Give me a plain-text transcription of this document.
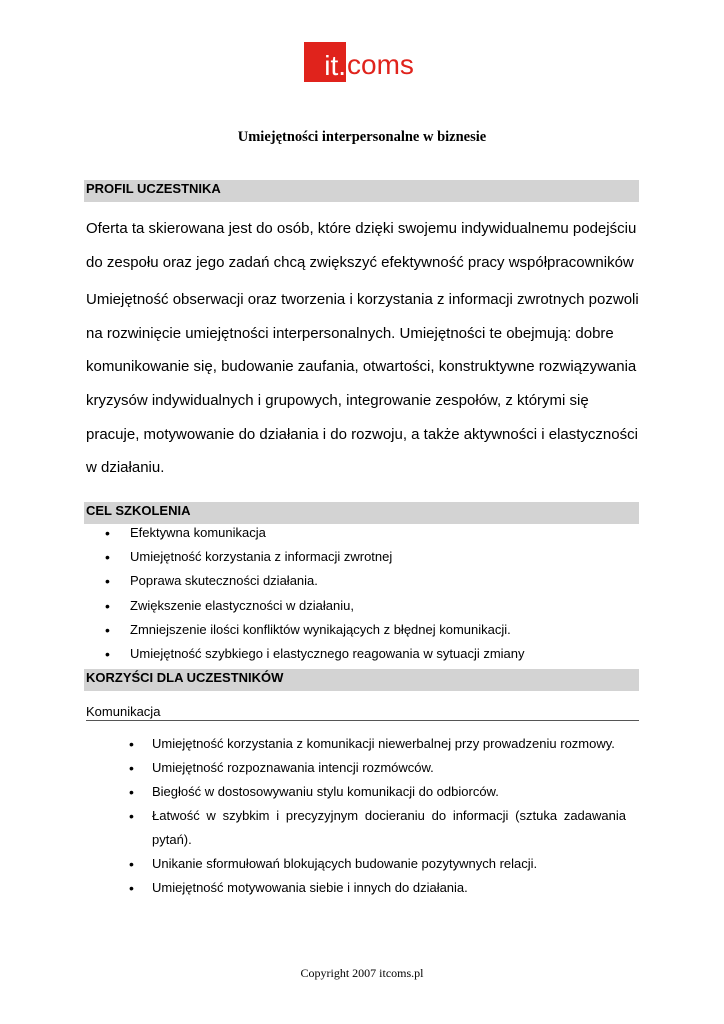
it . coms
Umiejętności interpersonalne w biznesie
PROFIL UCZESTNIKA

Oferta ta skierowana jest do osób, które dzięki swojemu indywidualnemu podejściu do zespołu oraz jego zadań chcą zwiększyć efektywność pracy współpracowników

Umiejętność obserwacji oraz tworzenia i korzystania z informacji zwrotnych pozwoli na rozwinięcie umiejętności interpersonalnych. Umiejętności te obejmują: dobre komunikowanie się, budowanie zaufania, otwartości, konstruktywne rozwiązywania kryzysów indywidualnych i grupowych, integrowanie zespołów, z którymi się pracuje, motywowanie do działania i do rozwoju, a także aktywności i elastyczności w działaniu.

CEL SZKOLENIA
• Efektywna komunikacja
• Umiejętność korzystania z informacji zwrotnej
• Poprawa skuteczności działania.
• Zwiększenie elastyczności w działaniu,
• Zmniejszenie ilości konfliktów wynikających z błędnej komunikacji.
• Umiejętność szybkiego i elastycznego reagowania w sytuacji zmiany
KORZYŚCI DLA UCZESTNIKÓW
Komunikacja
• Umiejętność korzystania z komunikacji niewerbalnej przy prowadzeniu rozmowy.
• Umiejętność rozpoznawania intencji rozmówców.
• Biegłość w dostosowywaniu stylu komunikacji do odbiorców.
• Łatwość w szybkim i precyzyjnym docieraniu do informacji (sztuka zadawania pytań).
• Unikanie sformułowań blokujących budowanie pozytywnych relacji.
• Umiejętność motywowania siebie i innych do działania.
Copyright 2007 itcoms.pl
